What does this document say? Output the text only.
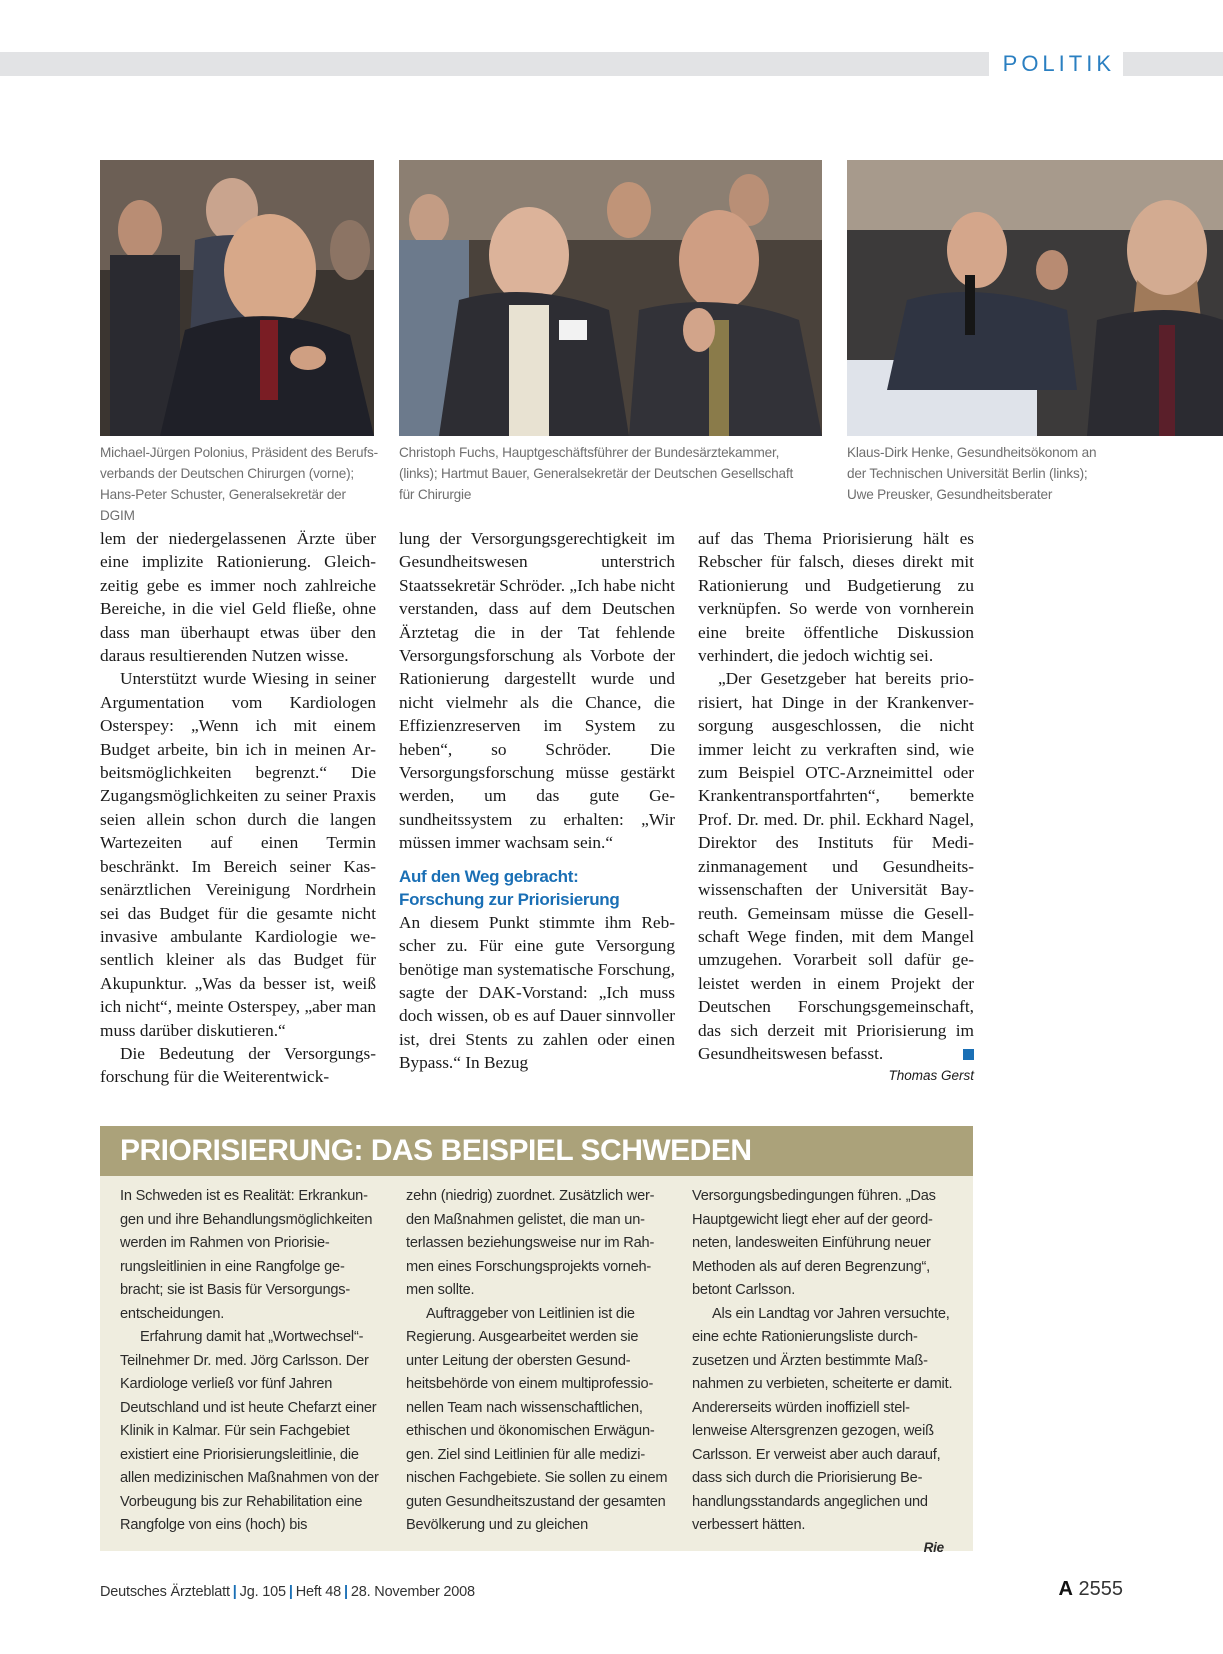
POLITIK
Michael-Jürgen Polonius, Präsident des Berufs-verbands der Deutschen Chirurgen (vorne); Hans-Peter Schuster, Generalsekretär der DGIM
Christoph Fuchs, Hauptgeschäftsführer der Bundesärztekammer, (links); Hartmut Bauer, Generalsekretär der Deutschen Gesellschaft für Chirurgie
Klaus-Dirk Henke, Gesundheitsökonom an der Technischen Universität Berlin (links); Uwe Preusker, Gesundheitsberater

lem der niedergelassenen Ärzte über eine implizite Rationierung. Gleichzeitig gebe es immer noch zahlreiche Bereiche, in die viel Geld fließe, ohne dass man überhaupt etwas über den daraus resultierenden Nutzen wisse.

Unterstützt wurde Wiesing in seiner Argumentation vom Kardiologen Osterspey: „Wenn ich mit einem Budget arbeite, bin ich in meinen Arbeitsmöglichkeiten begrenzt.“ Die Zugangsmöglichkeiten zu seiner Praxis seien allein schon durch die langen Wartezeiten auf einen Termin beschränkt. Im Bereich seiner Kassenärztlichen Vereinigung Nordrhein sei das Budget für die gesamte nicht invasive ambulante Kardiologie wesentlich kleiner als das Budget für Akupunktur. „Was da besser ist, weiß ich nicht“, meinte Osterspey, „aber man muss darüber diskutieren.“

Die Bedeutung der Versorgungsforschung für die Weiterentwick-

lung der Versorgungsgerechtigkeit im Gesundheitswesen unterstrich Staatssekretär Schröder. „Ich habe nicht verstanden, dass auf dem Deutschen Ärztetag die in der Tat fehlende Versorgungsforschung als Vorbote der Rationierung dargestellt wurde und nicht vielmehr als die Chance, die Effizienzreserven im System zu heben“, so Schröder. Die Versorgungsforschung müsse gestärkt werden, um das gute Gesundheitssystem zu erhalten: „Wir müssen immer wachsam sein.“

Auf den Weg gebracht:
Forschung zur Priorisierung

An diesem Punkt stimmte ihm Rebscher zu. Für eine gute Versorgung benötige man systematische Forschung, sagte der DAK-Vorstand: „Ich muss doch wissen, ob es auf Dauer sinnvoller ist, drei Stents zu zahlen oder einen Bypass.“ In Bezug

auf das Thema Priorisierung hält es Rebscher für falsch, dieses direkt mit Rationierung und Budgetierung zu verknüpfen. So werde von vornherein eine breite öffentliche Diskussion verhindert, die jedoch wichtig sei.

„Der Gesetzgeber hat bereits priorisiert, hat Dinge in der Krankenversorgung ausgeschlossen, die nicht immer leicht zu verkraften sind, wie zum Beispiel OTC-Arzneimittel oder Krankentransportfahrten“, bemerkte Prof. Dr. med. Dr. phil. Eckhard Nagel, Direktor des Instituts für Medizinmanagement und Gesundheitswissenschaften der Universität Bayreuth. Gemeinsam müsse die Gesellschaft Wege finden, mit dem Mangel umzugehen. Vorarbeit soll dafür geleistet werden in einem Projekt der Deutschen Forschungsgemeinschaft, das sich derzeit mit Priorisierung im Gesundheitswesen befasst.

Thomas Gerst
PRIORISIERUNG: DAS BEISPIEL SCHWEDEN

In Schweden ist es Realität: Erkrankungen und ihre Behandlungsmöglichkeiten werden im Rahmen von Priorisierungsleitlinien in eine Rangfolge gebracht; sie ist Basis für Versorgungsentscheidungen.

Erfahrung damit hat „Wortwechsel“-Teilnehmer Dr. med. Jörg Carlsson. Der Kardiologe verließ vor fünf Jahren Deutschland und ist heute Chefarzt einer Klinik in Kalmar. Für sein Fachgebiet existiert eine Priorisierungsleitlinie, die allen medizinischen Maßnahmen von der Vorbeugung bis zur Rehabilitation eine Rangfolge von eins (hoch) bis

zehn (niedrig) zuordnet. Zusätzlich werden Maßnahmen gelistet, die man unterlassen beziehungsweise nur im Rahmen eines Forschungsprojekts vornehmen sollte.

Auftraggeber von Leitlinien ist die Regierung. Ausgearbeitet werden sie unter Leitung der obersten Gesundheitsbehörde von einem multiprofessionellen Team nach wissenschaftlichen, ethischen und ökonomischen Erwägungen. Ziel sind Leitlinien für alle medizinischen Fachgebiete. Sie sollen zu einem guten Gesundheitszustand der gesamten Bevölkerung und zu gleichen

Versorgungsbedingungen führen. „Das Hauptgewicht liegt eher auf der geordneten, landesweiten Einführung neuer Methoden als auf deren Begrenzung“, betont Carlsson.

Als ein Landtag vor Jahren versuchte, eine echte Rationierungsliste durchzusetzen und Ärzten bestimmte Maßnahmen zu verbieten, scheiterte er damit. Andererseits würden inoffiziell stellenweise Altersgrenzen gezogen, weiß Carlsson. Er verweist aber auch darauf, dass sich durch die Priorisierung Behandlungsstandards angeglichen und verbessert hätten.

Rie
Deutsches Ärzteblatt | Jg. 105 | Heft 48 | 28. November 2008	A 2555
